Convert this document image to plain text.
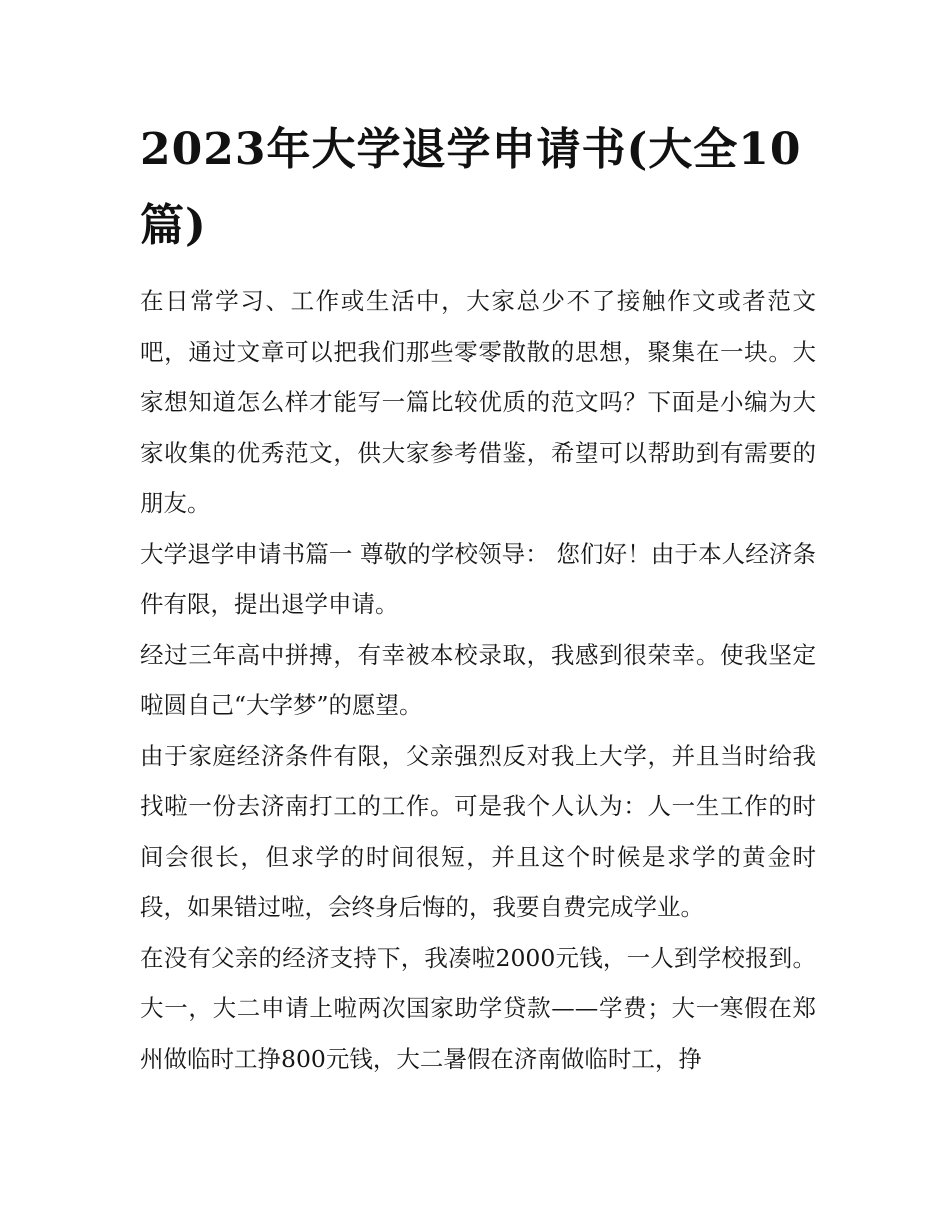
2023年大学退学申请书(大全10篇)

在日常学习、工作或生活中，大家总少不了接触作文或者范文吧，通过文章可以把我们那些零零散散的思想，聚集在一块。大家想知道怎么样才能写一篇比较优质的范文吗？下面是小编为大家收集的优秀范文，供大家参考借鉴，希望可以帮助到有需要的朋友。

大学退学申请书篇一 尊敬的学校领导： 您们好！由于本人经济条件有限，提出退学申请。

经过三年高中拼搏，有幸被本校录取，我感到很荣幸。使我坚定啦圆自己“大学梦”的愿望。

由于家庭经济条件有限，父亲强烈反对我上大学，并且当时给我找啦一份去济南打工的工作。可是我个人认为：人一生工作的时间会很长，但求学的时间很短，并且这个时候是求学的黄金时段，如果错过啦，会终身后悔的，我要自费完成学业。

在没有父亲的经济支持下，我凑啦2000元钱，一人到学校报到。大一，大二申请上啦两次国家助学贷款——学费；大一寒假在郑州做临时工挣800元钱，大二暑假在济南做临时工，挣
